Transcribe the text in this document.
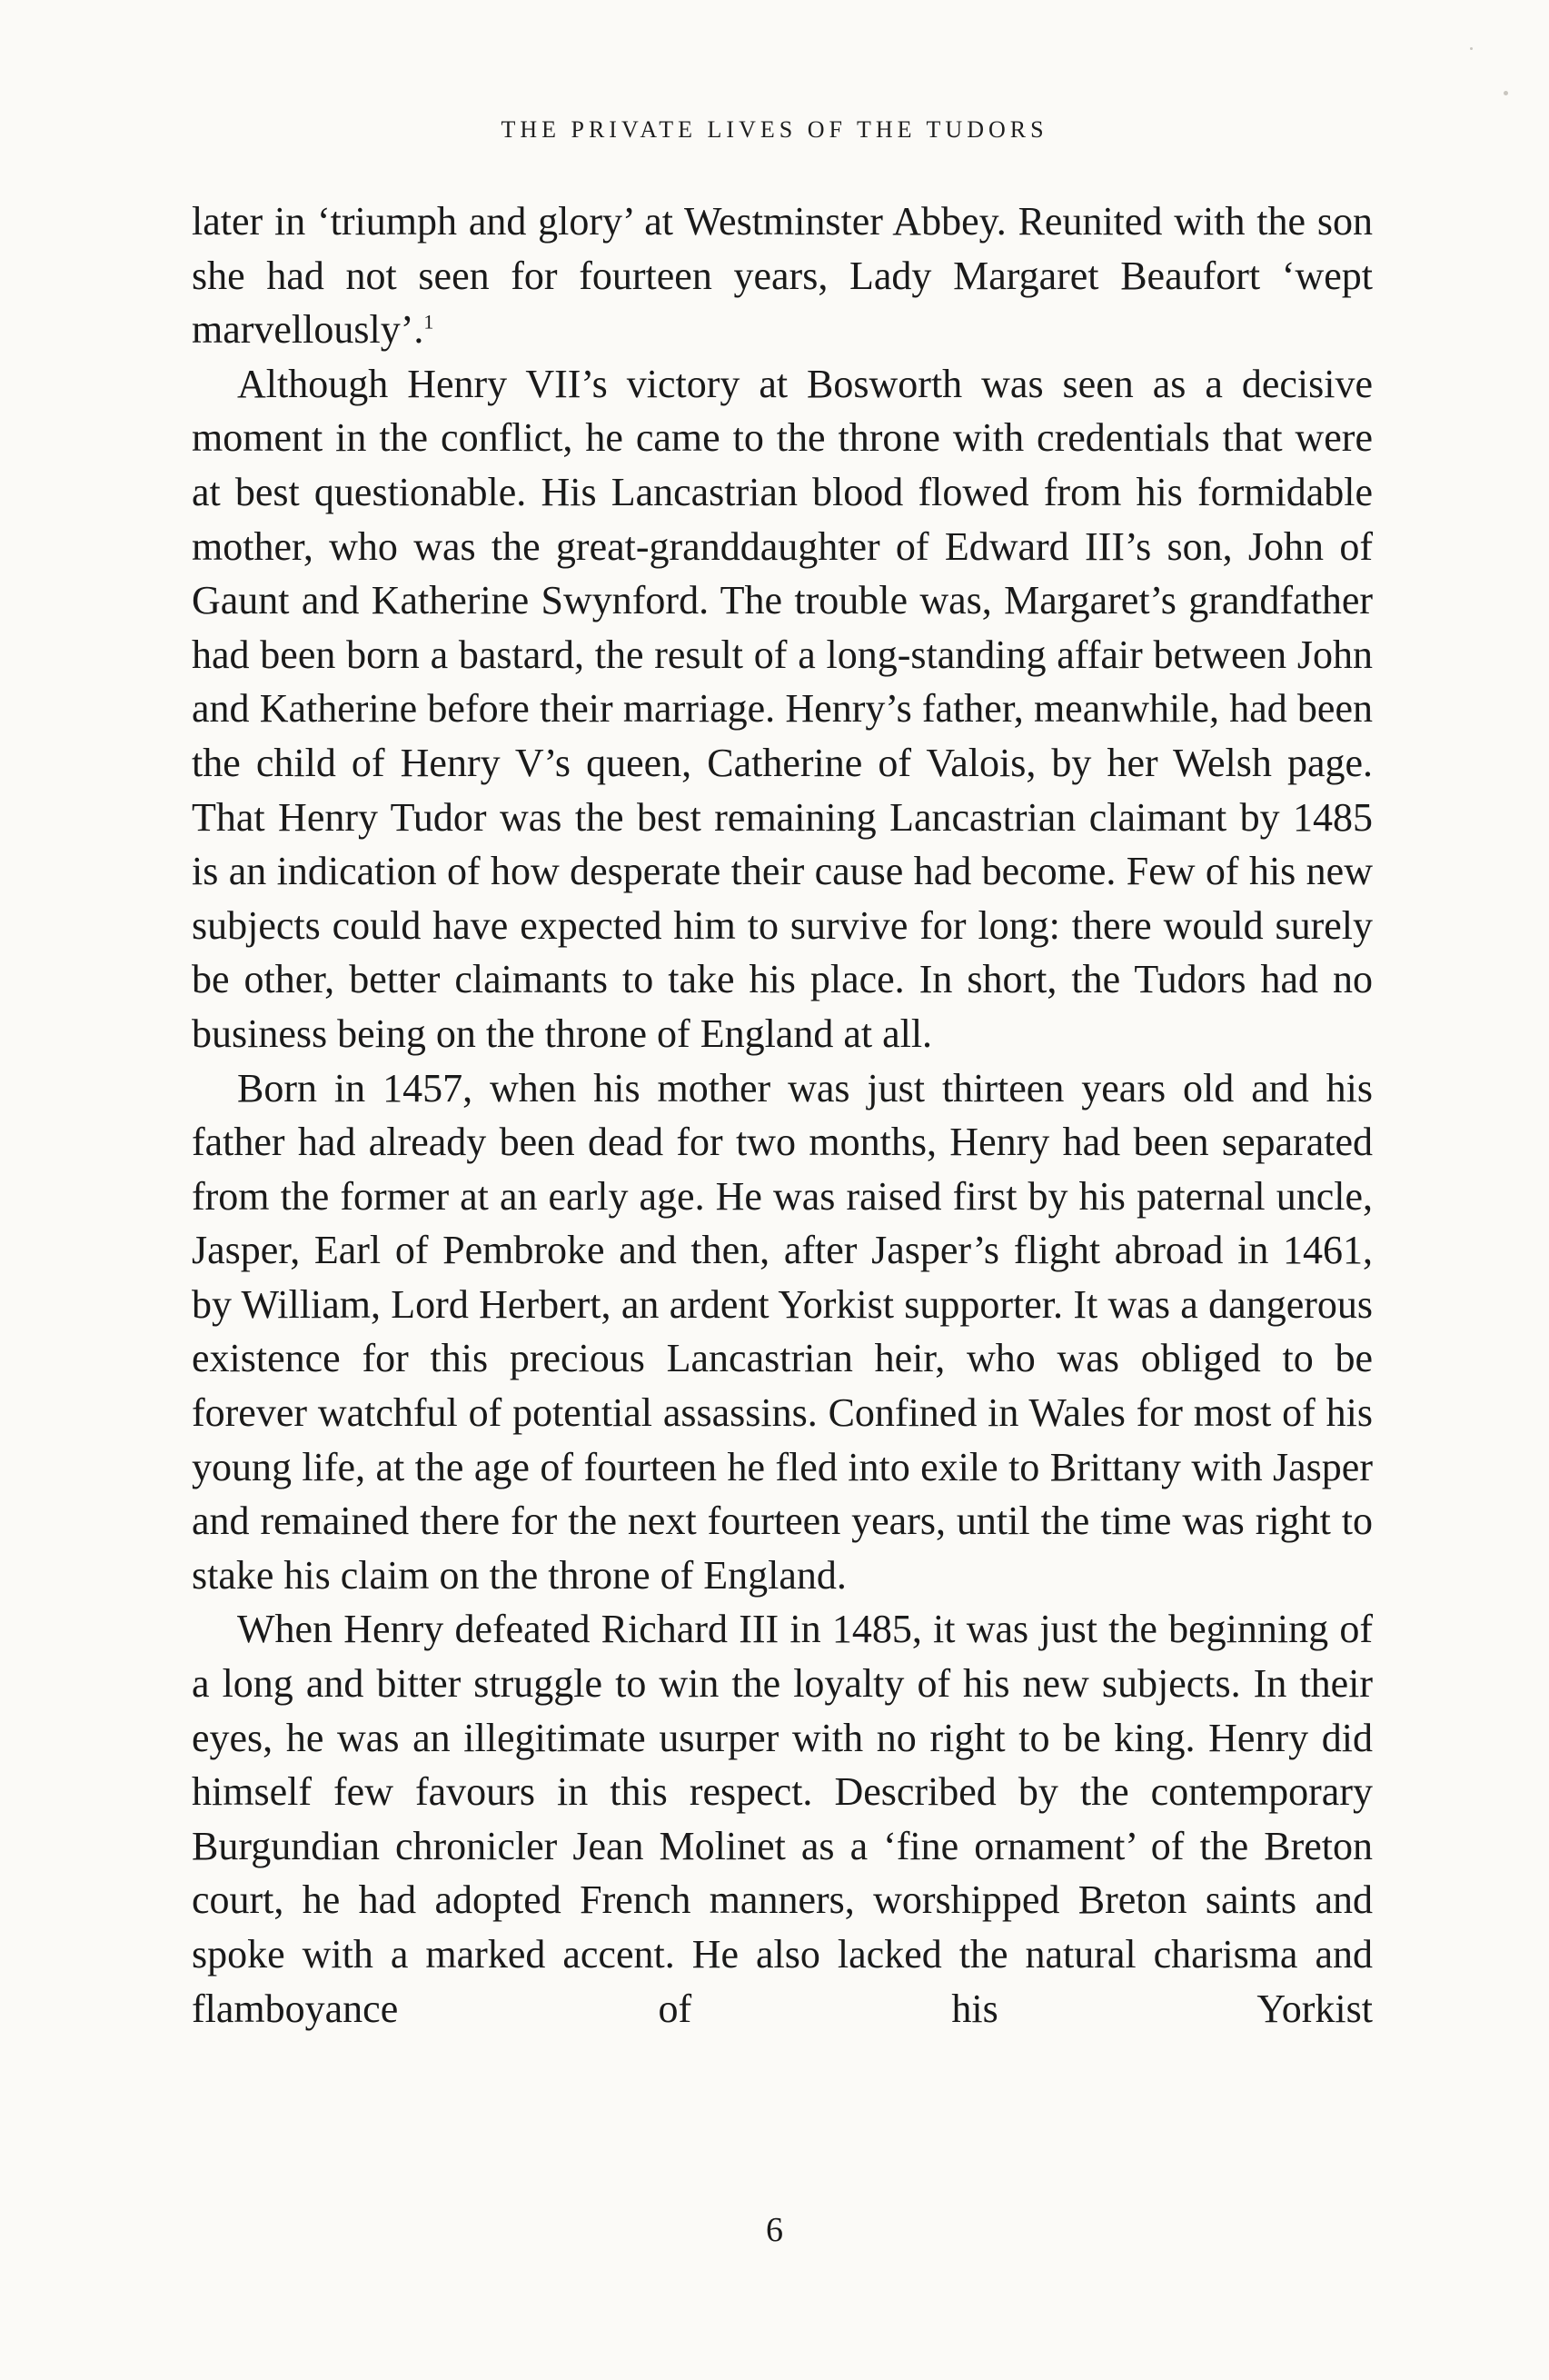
THE PRIVATE LIVES OF THE TUDORS

later in ‘triumph and glory’ at Westminster Abbey. Reunited with the son she had not seen for fourteen years, Lady Margaret Beaufort ‘wept marvellously’.$^1$

Although Henry VII’s victory at Bosworth was seen as a decisive moment in the conflict, he came to the throne with credentials that were at best questionable. His Lancastrian blood flowed from his formidable mother, who was the great-granddaughter of Edward III’s son, John of Gaunt and Katherine Swynford. The trouble was, Margaret’s grandfather had been born a bastard, the result of a long-standing affair between John and Katherine before their marriage. Henry’s father, meanwhile, had been the child of Henry V’s queen, Catherine of Valois, by her Welsh page. That Henry Tudor was the best remaining Lancastrian claimant by 1485 is an indication of how desperate their cause had become. Few of his new subjects could have expected him to survive for long: there would surely be other, better claimants to take his place. In short, the Tudors had no business being on the throne of England at all.

Born in 1457, when his mother was just thirteen years old and his father had already been dead for two months, Henry had been separated from the former at an early age. He was raised first by his paternal uncle, Jasper, Earl of Pembroke and then, after Jasper’s flight abroad in 1461, by William, Lord Herbert, an ardent Yorkist supporter. It was a dangerous existence for this precious Lancastrian heir, who was obliged to be forever watchful of potential assassins. Confined in Wales for most of his young life, at the age of fourteen he fled into exile to Brittany with Jasper and remained there for the next fourteen years, until the time was right to stake his claim on the throne of England.

When Henry defeated Richard III in 1485, it was just the beginning of a long and bitter struggle to win the loyalty of his new subjects. In their eyes, he was an illegitimate usurper with no right to be king. Henry did himself few favours in this respect. Described by the contemporary Burgundian chronicler Jean Molinet as a ‘fine ornament’ of the Breton court, he had adopted French manners, worshipped Breton saints and spoke with a marked accent. He also lacked the natural charisma and flamboyance of his Yorkist

6
